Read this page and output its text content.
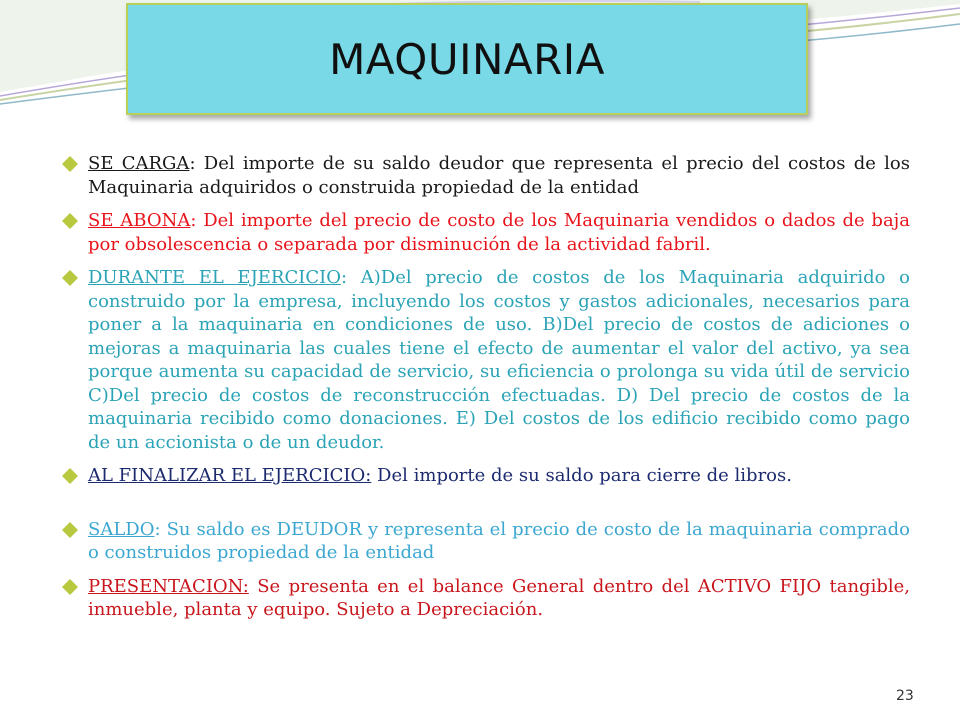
MAQUINARIA
SE CARGA: Del importe de su saldo deudor que representa el precio del costos de los Maquinaria adquiridos o construida propiedad de la entidad
SE ABONA: Del importe del precio de costo de los Maquinaria vendidos o dados de baja por obsolescencia o separada por disminución de la actividad fabril.
DURANTE EL EJERCICIO: A)Del precio de costos de los Maquinaria adquirido o construido por la empresa, incluyendo los costos y gastos adicionales, necesarios para poner a la maquinaria en condiciones de uso. B)Del precio de costos de adiciones o mejoras a maquinaria las cuales tiene el efecto de aumentar el valor del activo, ya sea porque aumenta su capacidad de servicio, su eficiencia o prolonga su vida útil de servicio C)Del precio de costos de reconstrucción efectuadas. D) Del precio de costos de la maquinaria recibido como donaciones. E) Del costos de los edificio recibido como pago de un accionista o de un deudor.
AL FINALIZAR EL EJERCICIO: Del importe de su saldo para cierre de libros.
SALDO: Su saldo es DEUDOR y representa el precio de costo de la maquinaria comprado o construidos propiedad de la entidad
PRESENTACION: Se presenta en el balance General dentro del ACTIVO FIJO tangible, inmueble, planta y equipo. Sujeto a Depreciación.
23
